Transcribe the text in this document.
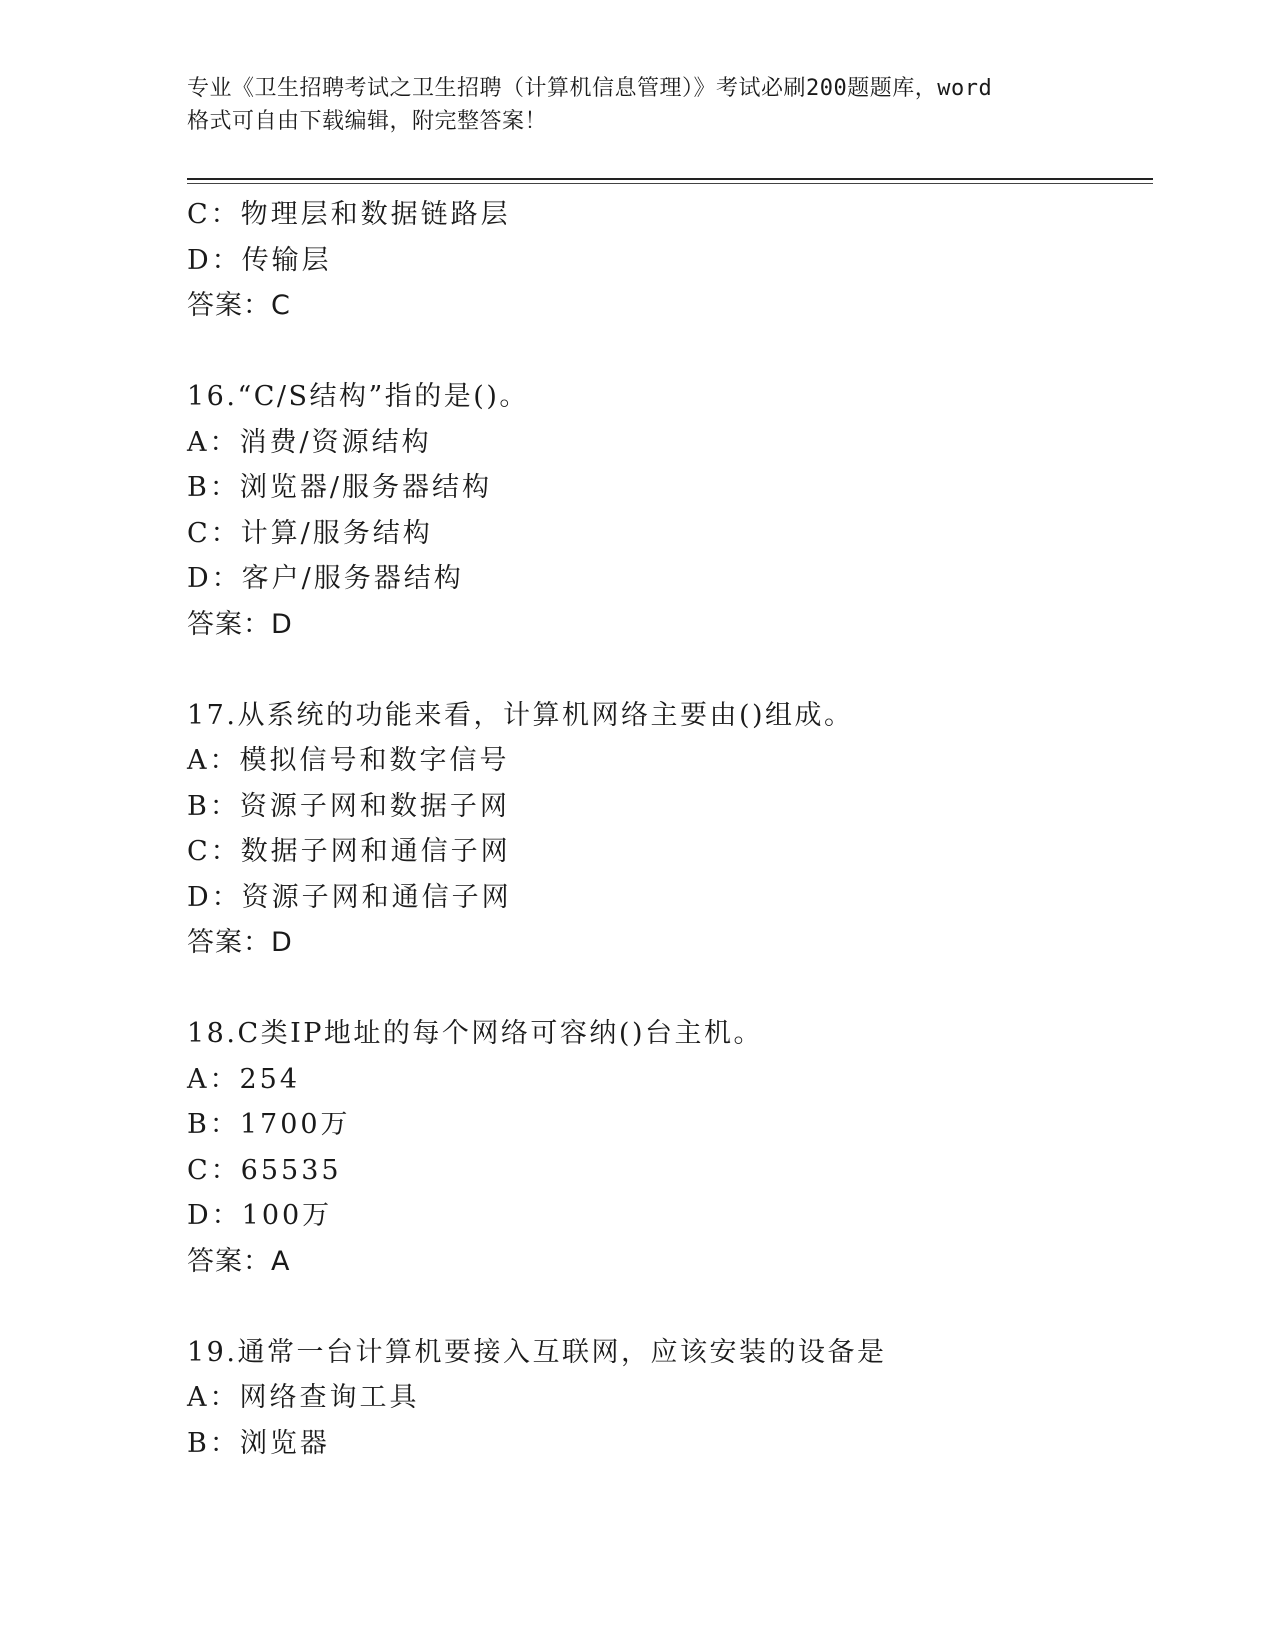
专业《卫生招聘考试之卫生招聘（计算机信息管理）》考试必刷200题题库，word
格式可自由下载编辑，附完整答案！
C：物理层和数据链路层
D：传输层
答案：C
16.“C/S结构”指的是()。
A：消费/资源结构
B：浏览器/服务器结构
C：计算/服务结构
D：客户/服务器结构
答案：D
17.从系统的功能来看，计算机网络主要由()组成。
A：模拟信号和数字信号
B：资源子网和数据子网
C：数据子网和通信子网
D：资源子网和通信子网
答案：D
18.C类IP地址的每个网络可容纳()台主机。
A：254
B：1700万
C：65535
D：100万
答案：A
19.通常一台计算机要接入互联网，应该安装的设备是
A：网络查询工具
B：浏览器
